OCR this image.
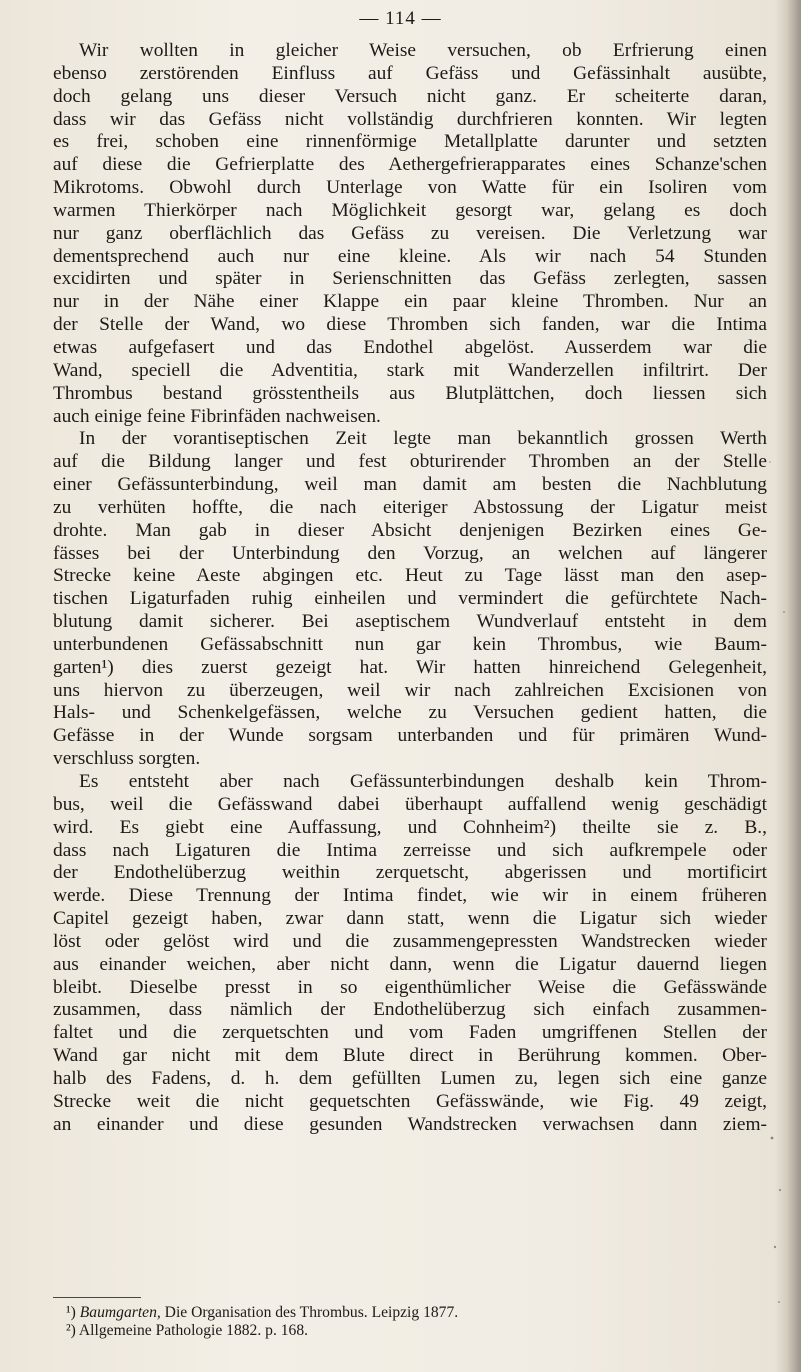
— 114 —
Wir wollten in gleicher Weise versuchen, ob Erfrierung einen
ebenso zerstörenden Einfluss auf Gefäss und Gefässinhalt ausübte,
doch gelang uns dieser Versuch nicht ganz. Er scheiterte daran,
dass wir das Gefäss nicht vollständig durchfrieren konnten. Wir legten
es frei, schoben eine rinnenförmige Metallplatte darunter und setzten
auf diese die Gefrierplatte des Aethergefrierapparates eines Schanze'schen
Mikrotoms. Obwohl durch Unterlage von Watte für ein Isoliren vom
warmen Thierkörper nach Möglichkeit gesorgt war, gelang es doch
nur ganz oberflächlich das Gefäss zu vereisen. Die Verletzung war
dementsprechend auch nur eine kleine. Als wir nach 54 Stunden
excidirten und später in Serienschnitten das Gefäss zerlegten, sassen
nur in der Nähe einer Klappe ein paar kleine Thromben. Nur an
der Stelle der Wand, wo diese Thromben sich fanden, war die Intima
etwas aufgefasert und das Endothel abgelöst. Ausserdem war die
Wand, speciell die Adventitia, stark mit Wanderzellen infiltrirt. Der
Thrombus bestand grösstentheils aus Blutplättchen, doch liessen sich
auch einige feine Fibrinfäden nachweisen.
In der vorantiseptischen Zeit legte man bekanntlich grossen Werth
auf die Bildung langer und fest obturirender Thromben an der Stelle
einer Gefässunterbindung, weil man damit am besten die Nachblutung
zu verhüten hoffte, die nach eiteriger Abstossung der Ligatur meist
drohte. Man gab in dieser Absicht denjenigen Bezirken eines Ge-
fässes bei der Unterbindung den Vorzug, an welchen auf längerer
Strecke keine Aeste abgingen etc. Heut zu Tage lässt man den asep-
tischen Ligaturfaden ruhig einheilen und vermindert die gefürchtete Nach-
blutung damit sicherer. Bei aseptischem Wundverlauf entsteht in dem
unterbundenen Gefässabschnitt nun gar kein Thrombus, wie Baum-
garten¹) dies zuerst gezeigt hat. Wir hatten hinreichend Gelegenheit,
uns hiervon zu überzeugen, weil wir nach zahlreichen Excisionen von
Hals- und Schenkelgefässen, welche zu Versuchen gedient hatten, die
Gefässe in der Wunde sorgsam unterbanden und für primären Wund-
verschluss sorgten.
Es entsteht aber nach Gefässunterbindungen deshalb kein Throm-
bus, weil die Gefässwand dabei überhaupt auffallend wenig geschädigt
wird. Es giebt eine Auffassung, und Cohnheim²) theilte sie z. B.,
dass nach Ligaturen die Intima zerreisse und sich aufkrempele oder
der Endothelüberzug weithin zerquetscht, abgerissen und mortificirt
werde. Diese Trennung der Intima findet, wie wir in einem früheren
Capitel gezeigt haben, zwar dann statt, wenn die Ligatur sich wieder
löst oder gelöst wird und die zusammengepressten Wandstrecken wieder
aus einander weichen, aber nicht dann, wenn die Ligatur dauernd liegen
bleibt. Dieselbe presst in so eigenthümlicher Weise die Gefässwände
zusammen, dass nämlich der Endothelüberzug sich einfach zusammen-
faltet und die zerquetschten und vom Faden umgriffenen Stellen der
Wand gar nicht mit dem Blute direct in Berührung kommen. Ober-
halb des Fadens, d. h. dem gefüllten Lumen zu, legen sich eine ganze
Strecke weit die nicht gequetschten Gefässwände, wie Fig. 49 zeigt,
an einander und diese gesunden Wandstrecken verwachsen dann ziem-
¹) Baumgarten, Die Organisation des Thrombus. Leipzig 1877.
²) Allgemeine Pathologie 1882. p. 168.
